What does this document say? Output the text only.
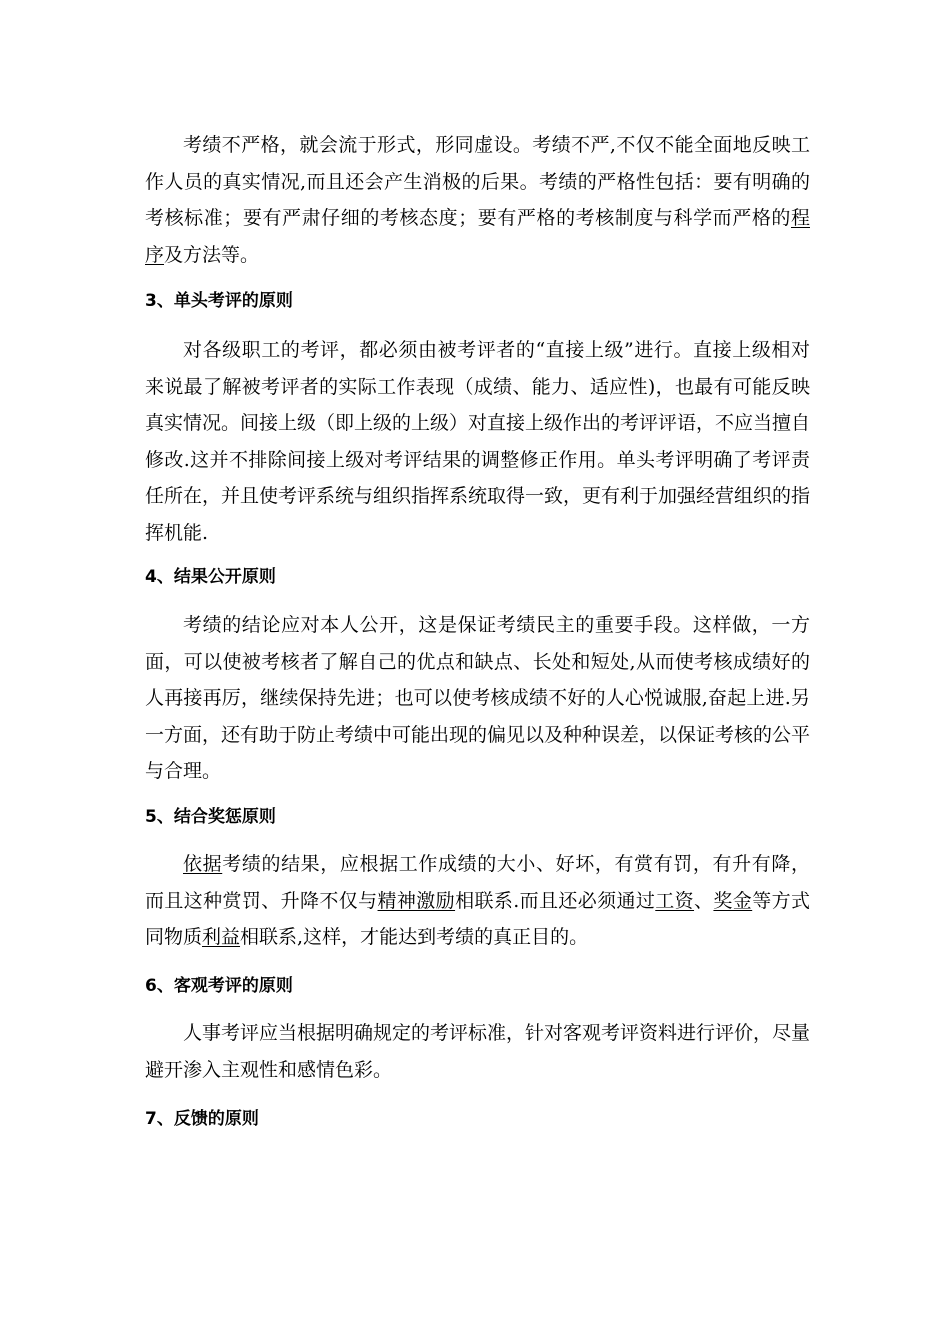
考绩不严格，就会流于形式，形同虚设。考绩不严,不仅不能全面地反映工作人员的真实情况,而且还会产生消极的后果。考绩的严格性包括：要有明确的考核标准；要有严肃仔细的考核态度；要有严格的考核制度与科学而严格的程序及方法等。

3、单头考评的原则

对各级职工的考评，都必须由被考评者的“直接上级”进行。直接上级相对来说最了解被考评者的实际工作表现（成绩、能力、适应性)，也最有可能反映真实情况。间接上级（即上级的上级）对直接上级作出的考评评语，不应当擅自修改.这并不排除间接上级对考评结果的调整修正作用。单头考评明确了考评责任所在，并且使考评系统与组织指挥系统取得一致，更有利于加强经营组织的指挥机能.

4、结果公开原则

考绩的结论应对本人公开，这是保证考绩民主的重要手段。这样做，一方面，可以使被考核者了解自己的优点和缺点、长处和短处,从而使考核成绩好的人再接再厉，继续保持先进；也可以使考核成绩不好的人心悦诚服,奋起上进.另一方面，还有助于防止考绩中可能出现的偏见以及种种误差，以保证考核的公平与合理。

5、结合奖惩原则

依据考绩的结果，应根据工作成绩的大小、好坏，有赏有罚，有升有降，而且这种赏罚、升降不仅与精神激励相联系.而且还必须通过工资、奖金等方式同物质利益相联系,这样，才能达到考绩的真正目的。

6、客观考评的原则

人事考评应当根据明确规定的考评标准，针对客观考评资料进行评价，尽量避开渗入主观性和感情色彩。

7、反馈的原则
